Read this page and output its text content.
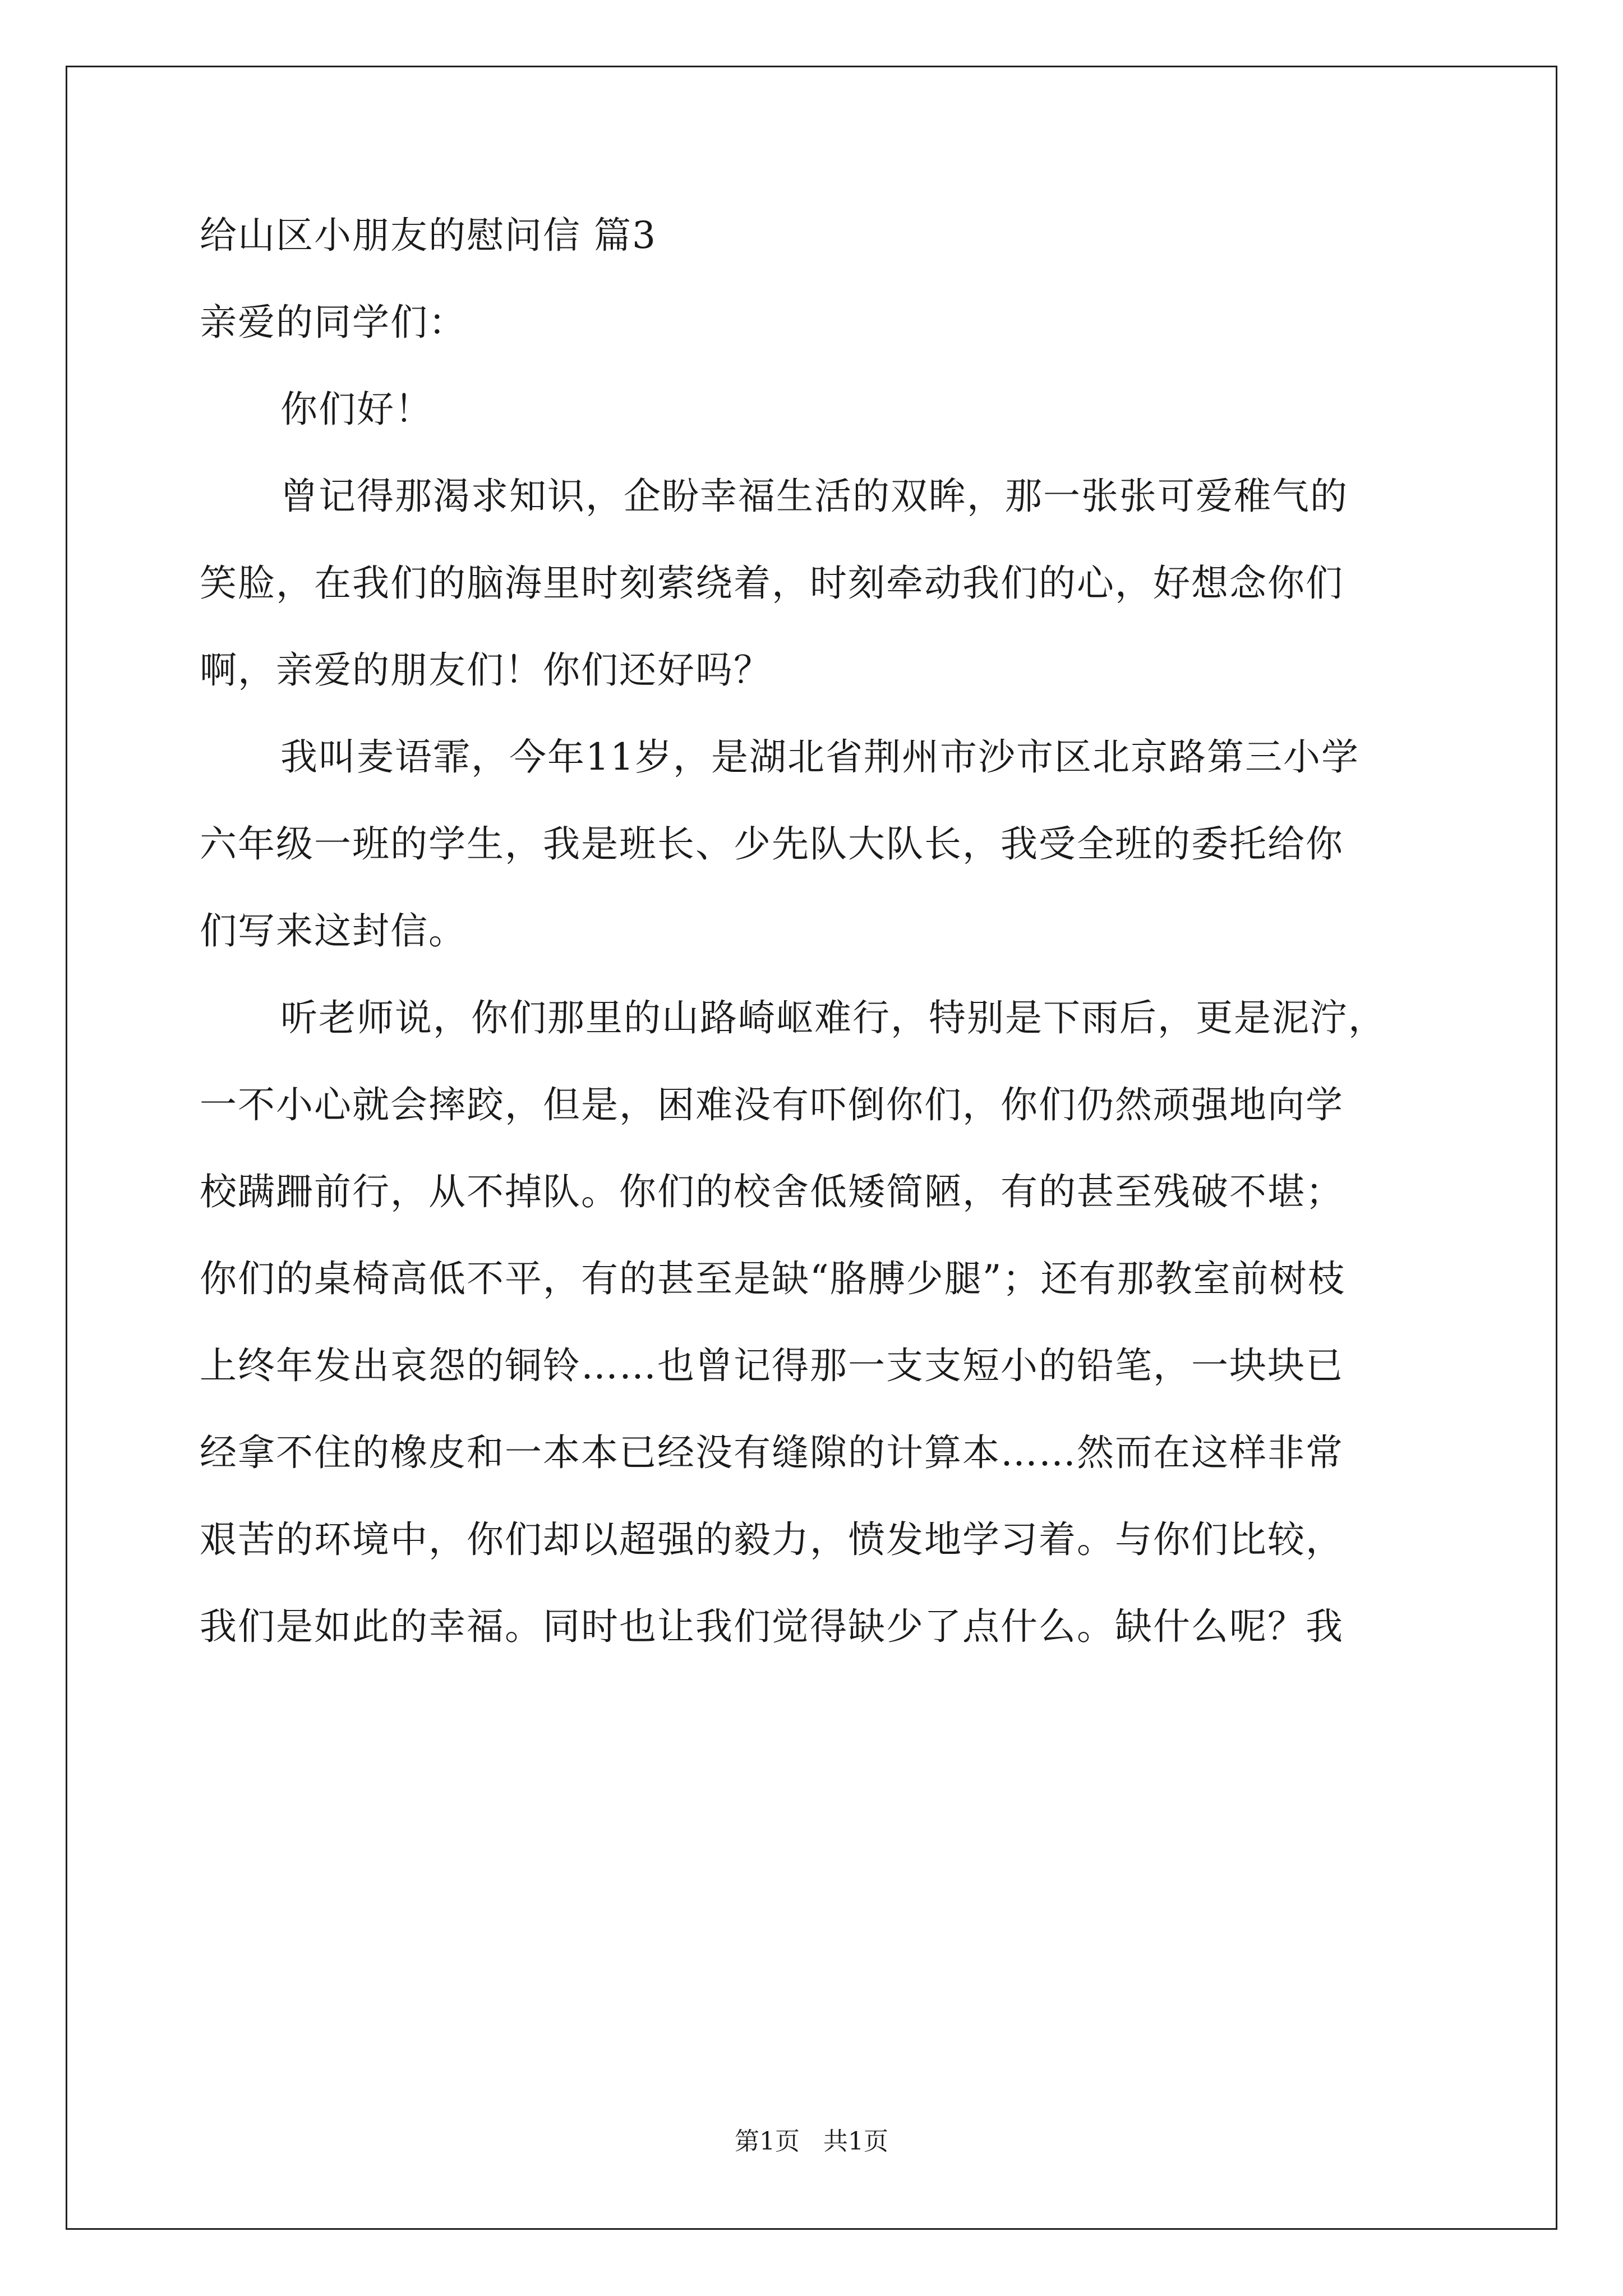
给山区小朋友的慰问信 篇3
亲爱的同学们：
你们好！
曾记得那渴求知识，企盼幸福生活的双眸，那一张张可爱稚气的
笑脸，在我们的脑海里时刻萦绕着，时刻牵动我们的心，好想念你们
啊，亲爱的朋友们！你们还好吗？
我叫麦语霏，今年11岁，是湖北省荆州市沙市区北京路第三小学
六年级一班的学生，我是班长、少先队大队长，我受全班的委托给你
们写来这封信。
听老师说，你们那里的山路崎岖难行，特别是下雨后，更是泥泞，
一不小心就会摔跤，但是，困难没有吓倒你们，你们仍然顽强地向学
校蹒跚前行，从不掉队。你们的校舍低矮简陋，有的甚至残破不堪；
你们的桌椅高低不平，有的甚至是缺“胳膊少腿”；还有那教室前树枝
上终年发出哀怨的铜铃……也曾记得那一支支短小的铅笔，一块块已
经拿不住的橡皮和一本本已经没有缝隙的计算本……然而在这样非常
艰苦的环境中，你们却以超强的毅力，愤发地学习着。与你们比较，
我们是如此的幸福。同时也让我们觉得缺少了点什么。缺什么呢？我
第1页   共1页
